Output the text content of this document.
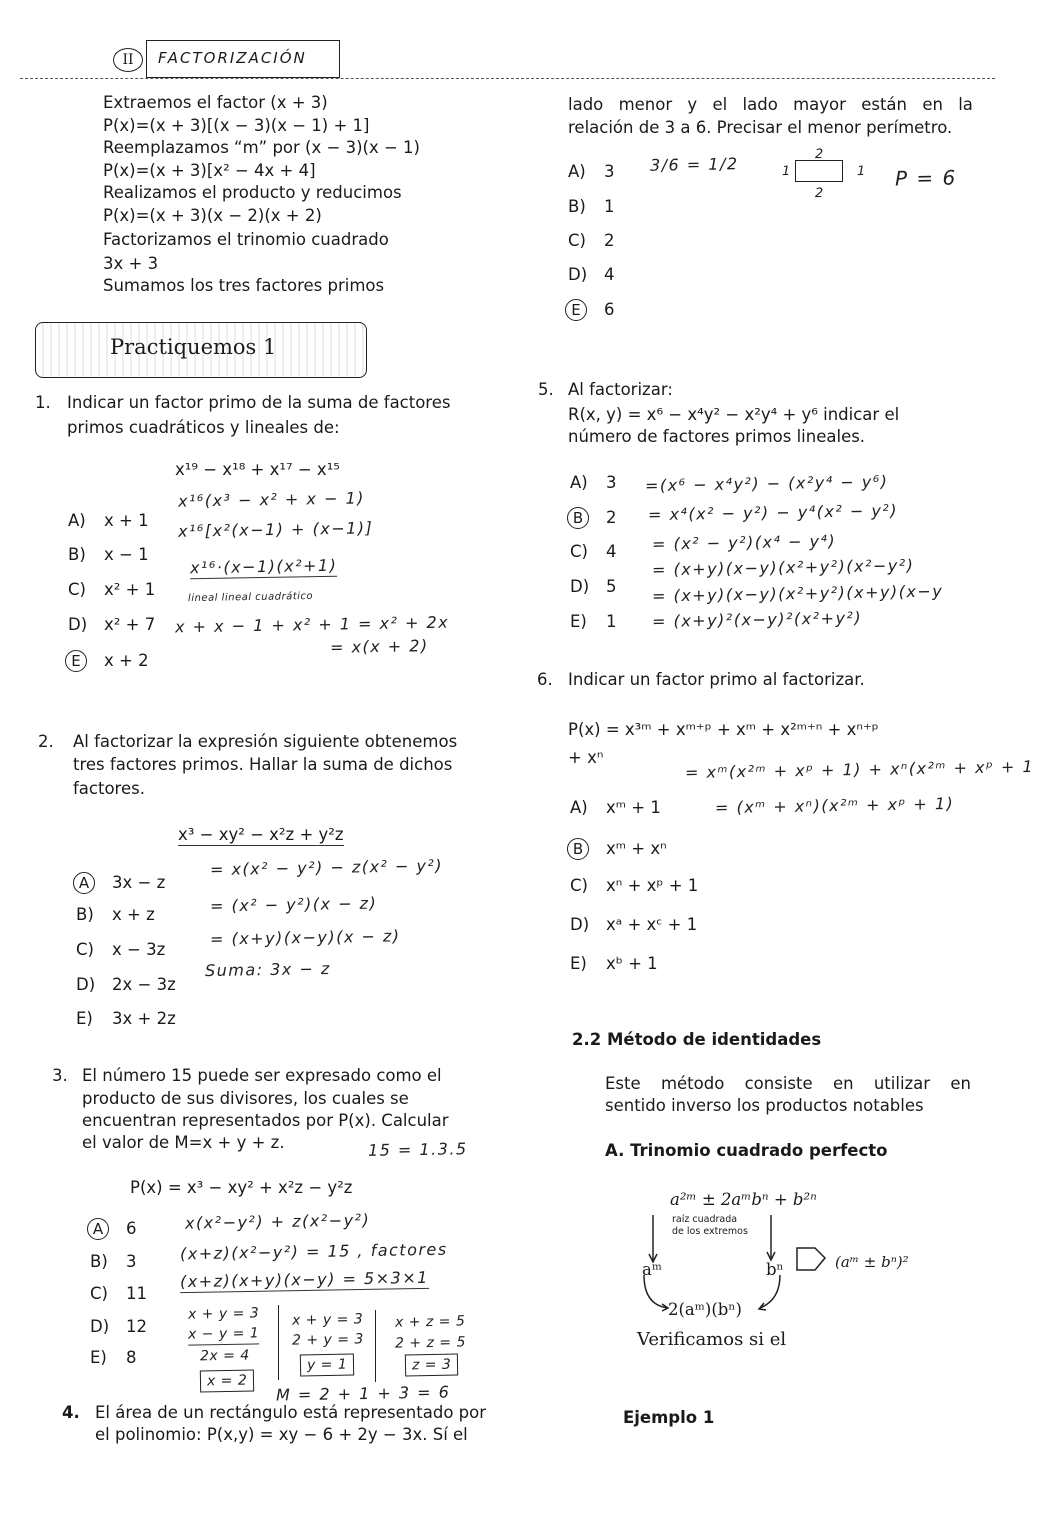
II	FACTORIZACIÓN
Extraemos el factor (x + 3)
P(x)=(x + 3)[(x − 3)(x − 1) + 1]
Reemplazamos “m” por (x − 3)(x − 1)
P(x)=(x + 3)[x² − 4x + 4]
Realizamos el producto y reducimos
P(x)=(x + 3)(x − 2)(x + 2)
Factorizamos el trinomio cuadrado
3x + 3
Sumamos los tres factores primos
Practiquemos 1
1. Indicar un factor primo de la suma de factores
primos cuadráticos y lineales de:
x¹⁹ − x¹⁸ + x¹⁷ − x¹⁵
A) x + 1
B) x − 1
C) x² + 1
D) x² + 7
E x + 2
x¹⁶(x³ − x² + x − 1)
x¹⁶[x²(x−1) + (x−1)]
x¹⁶·(x−1)(x²+1)
lineal lineal cuadrático
x + x − 1 + x² + 1 = x² + 2x
= x(x + 2)
2. Al factorizar la expresión siguiente obtenemos
tres factores primos. Hallar la suma de dichos
factores.
x³ − xy² − x²z + y²z
A 3x − z
B) x + z
C) x − 3z
D) 2x − 3z
E) 3x + 2z
= x(x² − y²) − z(x² − y²)
= (x² − y²)(x − z)
= (x+y)(x−y)(x − z)
Suma: 3x − z
3. El número 15 puede ser expresado como el
producto de sus divisores, los cuales se
encuentran representados por P(x). Calcular
el valor de M=x + y + z.	15 = 1.3.5
P(x) = x³ − xy² + x²z − y²z
A 6
B) 3
C) 11
D) 12
E) 8
x(x²−y²) + z(x²−y²)
(x+z)(x²−y²) = 15 , factores
(x+z)(x+y)(x−y) = 5×3×1
x + y = 3
x − y = 1
2x = 4
x = 2
x + y = 3
2 + y = 3
y = 1
x + z = 5
2 + z = 5
z = 3
M = 2 + 1 + 3 = 6
4. El área de un rectángulo está representado por
el polinomio: P(x,y) = xy − 6 + 2y − 3x. Sí el
lado menor y el lado mayor están en la
relación de 3 a 6. Precisar el menor perímetro.
A) 3
B) 1
C) 2
D) 4
E 6
3/6 = 1/2	2
2
1	1 P = 6
5. Al factorizar:
R(x, y) = x⁶ − x⁴y² − x²y⁴ + y⁶ indicar el
número de factores primos lineales.
A) 3
B 2
C) 4
D) 5
E) 1
=(x⁶ − x⁴y²) − (x²y⁴ − y⁶)
= x⁴(x² − y²) − y⁴(x² − y²)
= (x² − y²)(x⁴ − y⁴)
= (x+y)(x−y)(x²+y²)(x²−y²)
= (x+y)(x−y)(x²+y²)(x+y)(x−y
= (x+y)²(x−y)²(x²+y²)
6. Indicar un factor primo al factorizar.
P(x) = x³ᵐ + xᵐ⁺ᵖ + xᵐ + x²ᵐ⁺ⁿ + xⁿ⁺ᵖ
+ xⁿ	= xᵐ(x²ᵐ + xᵖ + 1) + xⁿ(x²ᵐ + xᵖ + 1
= (xᵐ + xⁿ)(x²ᵐ + xᵖ + 1)
A) xᵐ + 1
B xᵐ + xⁿ
C) xⁿ + xᵖ + 1
D) xᵃ + xᶜ + 1
E) xᵇ + 1
2.2 Método de identidades
Este método consiste en utilizar en
sentido inverso los productos notables
A. Trinomio cuadrado perfecto
a²ᵐ ± 2aᵐbⁿ + b²ⁿ
raíz cuadrada
de los extremos
aᵐ	bⁿ	(aᵐ ± bⁿ)²
2(aᵐ)(bⁿ)
Verificamos si el
Ejemplo 1
